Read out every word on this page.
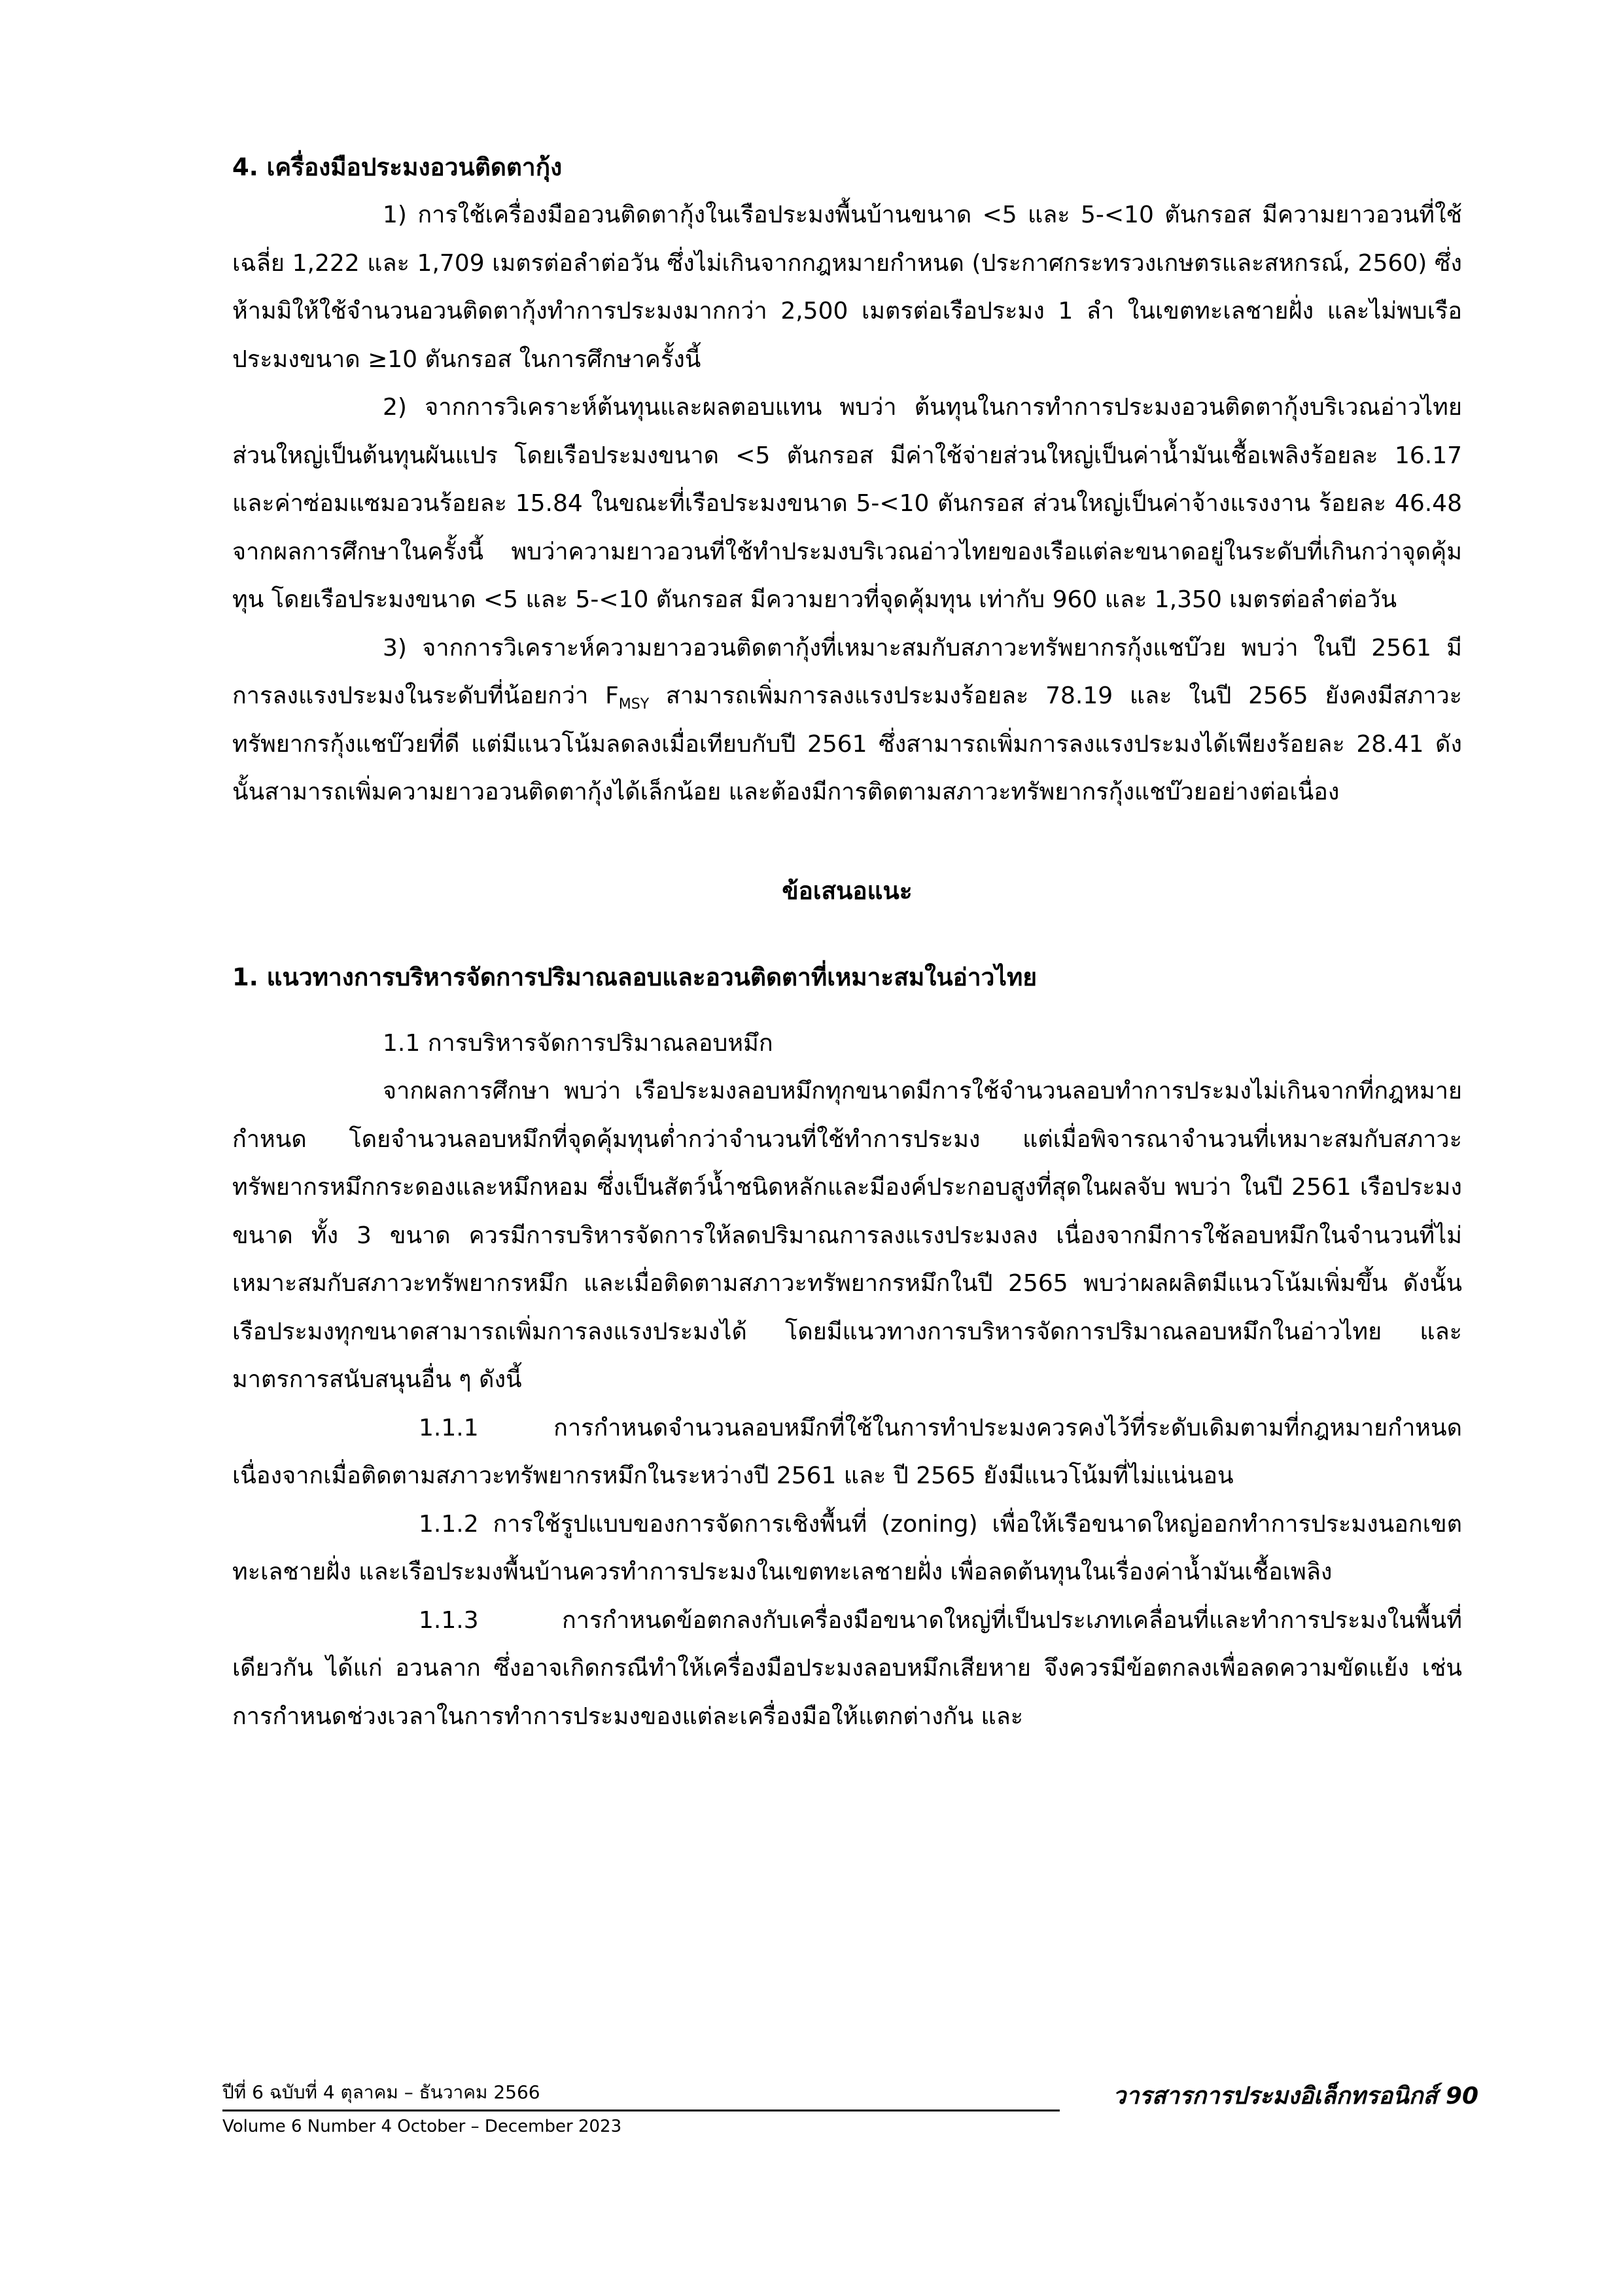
4. เครื่องมือประมงอวนติดตากุ้ง

1) การใช้เครื่องมืออวนติดตากุ้งในเรือประมงพื้นบ้านขนาด <5 และ 5-<10 ตันกรอส มีความยาวอวนที่ใช้เฉลี่ย 1,222 และ 1,709 เมตรต่อลำต่อวัน ซึ่งไม่เกินจากกฎหมายกำหนด (ประกาศกระทรวงเกษตรและสหกรณ์, 2560) ซึ่งห้ามมิให้ใช้จำนวนอวนติดตากุ้งทำการประมงมากกว่า 2,500 เมตรต่อเรือประมง 1 ลำ ในเขตทะเลชายฝั่ง และไม่พบเรือประมงขนาด ≥10 ตันกรอส ในการศึกษาครั้งนี้

2) จากการวิเคราะห์ต้นทุนและผลตอบแทน พบว่า ต้นทุนในการทำการประมงอวนติดตากุ้งบริเวณอ่าวไทยส่วนใหญ่เป็นต้นทุนผันแปร โดยเรือประมงขนาด <5 ตันกรอส มีค่าใช้จ่ายส่วนใหญ่เป็นค่าน้ำมันเชื้อเพลิงร้อยละ 16.17 และค่าซ่อมแซมอวนร้อยละ 15.84 ในขณะที่เรือประมงขนาด 5-<10 ตันกรอส ส่วนใหญ่เป็นค่าจ้างแรงงาน ร้อยละ 46.48 จากผลการศึกษาในครั้งนี้ พบว่าความยาวอวนที่ใช้ทำประมงบริเวณอ่าวไทยของเรือแต่ละขนาดอยู่ในระดับที่เกินกว่าจุดคุ้มทุน โดยเรือประมงขนาด <5 และ 5-<10 ตันกรอส มีความยาวที่จุดคุ้มทุน เท่ากับ 960 และ 1,350 เมตรต่อลำต่อวัน

3) จากการวิเคราะห์ความยาวอวนติดตากุ้งที่เหมาะสมกับสภาวะทรัพยากรกุ้งแชบ๊วย พบว่า ในปี 2561 มีการลงแรงประมงในระดับที่น้อยกว่า $F_{MSY}$ สามารถเพิ่มการลงแรงประมงร้อยละ 78.19 และ ในปี 2565 ยังคงมีสภาวะทรัพยากรกุ้งแชบ๊วยที่ดี แต่มีแนวโน้มลดลงเมื่อเทียบกับปี 2561 ซึ่งสามารถเพิ่มการลงแรงประมงได้เพียงร้อยละ 28.41 ดังนั้นสามารถเพิ่มความยาวอวนติดตากุ้งได้เล็กน้อย และต้องมีการติดตามสภาวะทรัพยากรกุ้งแชบ๊วยอย่างต่อเนื่อง

ข้อเสนอแนะ
1. แนวทางการบริหารจัดการปริมาณลอบและอวนติดตาที่เหมาะสมในอ่าวไทย

1.1 การบริหารจัดการปริมาณลอบหมึก

จากผลการศึกษา พบว่า เรือประมงลอบหมึกทุกขนาดมีการใช้จำนวนลอบทำการประมงไม่เกินจากที่กฎหมายกำหนด โดยจำนวนลอบหมึกที่จุดคุ้มทุนต่ำกว่าจำนวนที่ใช้ทำการประมง แต่เมื่อพิจารณาจำนวนที่เหมาะสมกับสภาวะทรัพยากรหมึกกระดองและหมึกหอม ซึ่งเป็นสัตว์น้ำชนิดหลักและมีองค์ประกอบสูงที่สุดในผลจับ พบว่า ในปี 2561 เรือประมงขนาด ทั้ง 3 ขนาด ควรมีการบริหารจัดการให้ลดปริมาณการลงแรงประมงลง เนื่องจากมีการใช้ลอบหมึกในจำนวนที่ไม่เหมาะสมกับสภาวะทรัพยากรหมึก และเมื่อติดตามสภาวะทรัพยากรหมึกในปี 2565 พบว่าผลผลิตมีแนวโน้มเพิ่มขึ้น ดังนั้น เรือประมงทุกขนาดสามารถเพิ่มการลงแรงประมงได้ โดยมีแนวทางการบริหารจัดการปริมาณลอบหมึกในอ่าวไทย และมาตรการสนับสนุนอื่น ๆ ดังนี้

1.1.1 การกำหนดจำนวนลอบหมึกที่ใช้ในการทำประมงควรคงไว้ที่ระดับเดิมตามที่กฎหมายกำหนด เนื่องจากเมื่อติดตามสภาวะทรัพยากรหมึกในระหว่างปี 2561 และ ปี 2565 ยังมีแนวโน้มที่ไม่แน่นอน

1.1.2 การใช้รูปแบบของการจัดการเชิงพื้นที่ (zoning) เพื่อให้เรือขนาดใหญ่ออกทำการประมงนอกเขตทะเลชายฝั่ง และเรือประมงพื้นบ้านควรทำการประมงในเขตทะเลชายฝั่ง เพื่อลดต้นทุนในเรื่องค่าน้ำมันเชื้อเพลิง

1.1.3 การกำหนดข้อตกลงกับเครื่องมือขนาดใหญ่ที่เป็นประเภทเคลื่อนที่และทำการประมงในพื้นที่เดียวกัน ได้แก่ อวนลาก ซึ่งอาจเกิดกรณีทำให้เครื่องมือประมงลอบหมึกเสียหาย จึงควรมีข้อตกลงเพื่อลดความขัดแย้ง เช่น การกำหนดช่วงเวลาในการทำการประมงของแต่ละเครื่องมือให้แตกต่างกัน และ

ปีที่ 6 ฉบับที่ 4 ตุลาคม – ธันวาคม 2566
Volume 6 Number 4 October – December 2023
วารสารการประมงอิเล็กทรอนิกส์ 90
